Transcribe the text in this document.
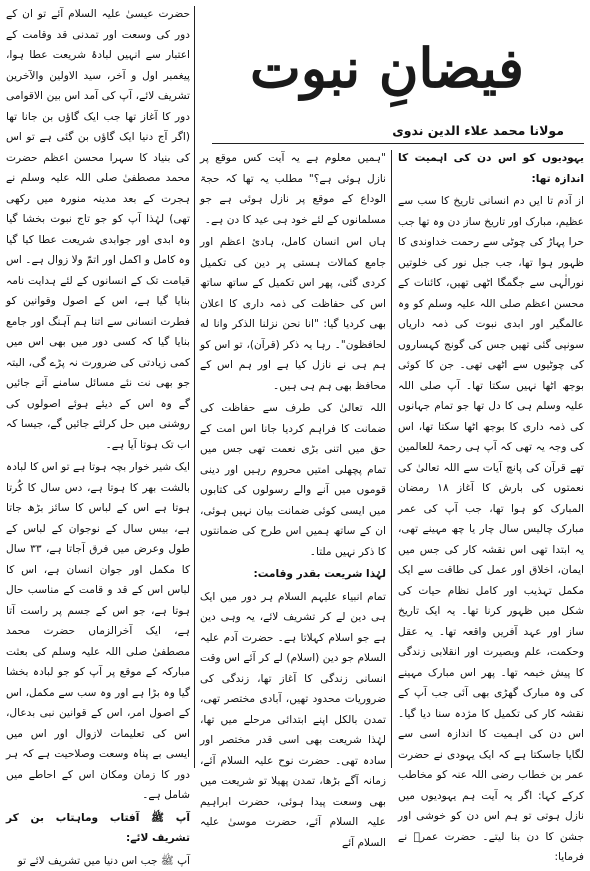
فیضانِ نبوت
مولانا محمد علاء الدین ندوی

یہودیوں کو اس دن کی اہمیت کا اندازہ تھا:

از آدم تا ایں دم انسانی تاریخ کا سب سے عظیم، مبارک اور تاریخ ساز دن وہ تھا جب حرا پہاڑ کی چوٹی سے رحمت خداوندی کا ظہور ہوا تھا، جب جبل نور کی خلوتیں نورالٰہی سے جگمگا اٹھی تھیں، کائنات کے محسن اعظم صلی اللہ علیہ وسلم کو وہ عالمگیر اور ابدی نبوت کی ذمہ داریاں سونپی گئی تھیں جس کی گونج کہساروں کی چوٹیوں سے اٹھی تھی۔ جن کا کوئی بوجھ اٹھا نہیں سکتا تھا۔ آپ صلی اللہ علیہ وسلم ہی کا دل تھا جو تمام جہانوں کی ذمہ داری کا بوجھ اٹھا سکتا تھا، اس کی وجہ یہ تھی کہ آپ ہی رحمۃ للعالمین تھے قرآن کی پانچ آیات سے اللہ تعالیٰ کی نعمتوں کی بارش کا آغاز ۱۸ رمضان المبارک کو ہوا تھا، جب آپ کی عمر مبارک چالیس سال چار یا چھ مہینے تھی، یہ ابتدا تھی اس نقشہ کار کی جس میں ایمان، اخلاق اور عمل کی طاقت سے ایک مکمل تہذیب اور کامل نظام حیات کی شکل میں ظہور کرنا تھا۔ یہ ایک تاریخ ساز اور عہد آفریں واقعہ تھا۔ یہ عقل وحکمت، علم وبصیرت اور انقلابی زندگی کا پیش خیمہ تھا۔ پھر اس مبارک مہینے کی وہ مبارک گھڑی بھی آئی جب آپ کے نقشہ کار کی تکمیل کا مژدہ سنا دیا گیا۔ اس دن کی اہمیت کا اندازہ اسی سے لگایا جاسکتا ہے کہ ایک یہودی نے حضرت عمر بن خطاب رضی اللہ عنہ کو مخاطب کرکے کہا: اگر یہ آیت ہم یہودیوں میں نازل ہوتی تو ہم اس دن کو خوشی اور جشن کا دن بنا لیتے۔ حضرت عمرؓ نے فرمایا:

"ہمیں معلوم ہے یہ آیت کس موقع پر نازل ہوئی ہے؟" مطلب یہ تھا کہ حجۃ الوداع کے موقع پر نازل ہوئی ہے جو مسلمانوں کے لئے خود ہی عید کا دن ہے۔

ہاں اس انسان کامل، ہادیٔ اعظم اور جامع کمالات ہستی پر دین کی تکمیل کردی گئی، پھر اس تکمیل کے ساتھ ساتھ اس کی حفاظت کی ذمہ داری کا اعلان بھی کردیا گیا: "انا نحن نزلنا الذکر وانا له لحافظون"۔ رہا یہ ذکر (قرآن)، تو اس کو ہم ہی نے نازل کیا ہے اور ہم اس کے محافظ بھی ہم ہی ہیں۔

اللہ تعالیٰ کی طرف سے حفاظت کی ضمانت کا فراہم کردیا جانا اس امت کے حق میں اتنی بڑی نعمت تھی جس میں تمام پچھلی امتیں محروم رہیں اور دینی قوموں میں آنے والے رسولوں کی کتابوں میں ایسی کوئی ضمانت بیان نہیں ہوئی، ان کے ساتھ ہمیں اس طرح کی ضمانتوں کا ذکر نہیں ملتا۔

لہٰذا شریعت بقدر وقامت:

تمام انبیاء علیہم السلام ہر دور میں ایک ہی دین لے کر تشریف لائے، یہ وہی دین ہے جو اسلام کہلاتا ہے۔ حضرت آدم علیہ السلام جو دین (اسلام) لے کر آئے اس وقت انسانی زندگی کا آغاز تھا، زندگی کی ضروریات محدود تھیں، آبادی مختصر تھی، تمدن بالکل اپنے ابتدائی مرحلے میں تھا، لہٰذا شریعت بھی اسی قدر مختصر اور سادہ تھی۔ حضرت نوح علیہ السلام آئے، زمانہ آگے بڑھا، تمدن پھیلا تو شریعت میں بھی وسعت پیدا ہوئی، حضرت ابراہیم علیہ السلام آئے، حضرت موسیٰ علیہ السلام آئے

حضرت عیسیٰ علیہ السلام آئے تو ان کے دور کی وسعت اور تمدنی قد وقامت کے اعتبار سے انہیں لبادۂ شریعت عطا ہوا، پیغمبر اول و آخر، سید الاولین والآخرین تشریف لائے، آپ کی آمد اس بین الاقوامی دور کا آغاز تھا جب ایک گاؤں بن جانا تھا (اگر آج دنیا ایک گاؤں بن گئی ہے تو اس کی بنیاد کا سہرا محسن اعظم حضرت محمد مصطفیٰ صلی اللہ علیہ وسلم نے ہجرت کے بعد مدینہ منورہ میں رکھی تھی) لہٰذا آپ کو جو تاج نبوت بخشا گیا وہ ابدی اور جوابدی شریعت عطا کیا گیا وہ کامل و اکمل اور اتمّ ولا زوال ہے۔ اس قیامت تک کے انسانوں کے لئے ہدایت نامہ بنایا گیا ہے، اس کے اصول وقوانین کو فطرت انسانی سے اتنا ہم آہنگ اور جامع بنایا گیا کہ کسی دور میں بھی اس میں کمی زیادتی کی ضرورت نہ پڑے گی، البتہ جو بھی نت نئے مسائل سامنے آتے جائیں گے وہ اس کے دیئے ہوئے اصولوں کی روشنی میں حل کرلئے جائیں گے، جیسا کہ اب تک ہوتا آیا ہے۔

ایک شیر خوار بچہ ہوتا ہے تو اس کا لبادہ بالشت بھر کا ہوتا ہے، دس سال کا کُرتا ہوتا ہے اس کے لباس کا سائز بڑھ جاتا ہے، بیس سال کے نوجوان کے لباس کے طول وعرض میں فرق آجاتا ہے، ۳۳ سال کا مکمل اور جوان انسان ہے، اس کا لباس اس کے قد و قامت کے مناسب حال ہوتا ہے، جو اس کے جسم پر راست آتا ہے، ایک آخرالزماں حضرت محمد مصطفیٰ صلی اللہ علیہ وسلم کی بعثت مبارکہ کے موقع پر آپ کو جو لبادہ بخشا گیا وہ بڑا ہے اور وہ سب سے مکمل، اس کے اصول امر، اس کے قوانین نبی بدعال، اس کی تعلیمات لازوال اور اس میں ایسی بے پناہ وسعت وصلاحیت ہے کہ ہر دور کا زمان ومکان اس کے احاطے میں شامل ہے۔

آپ ﷺ آفتاب وماہتاب بن کر تشریف لائے:

آپ ﷺ جب اس دنیا میں تشریف لائے تو
